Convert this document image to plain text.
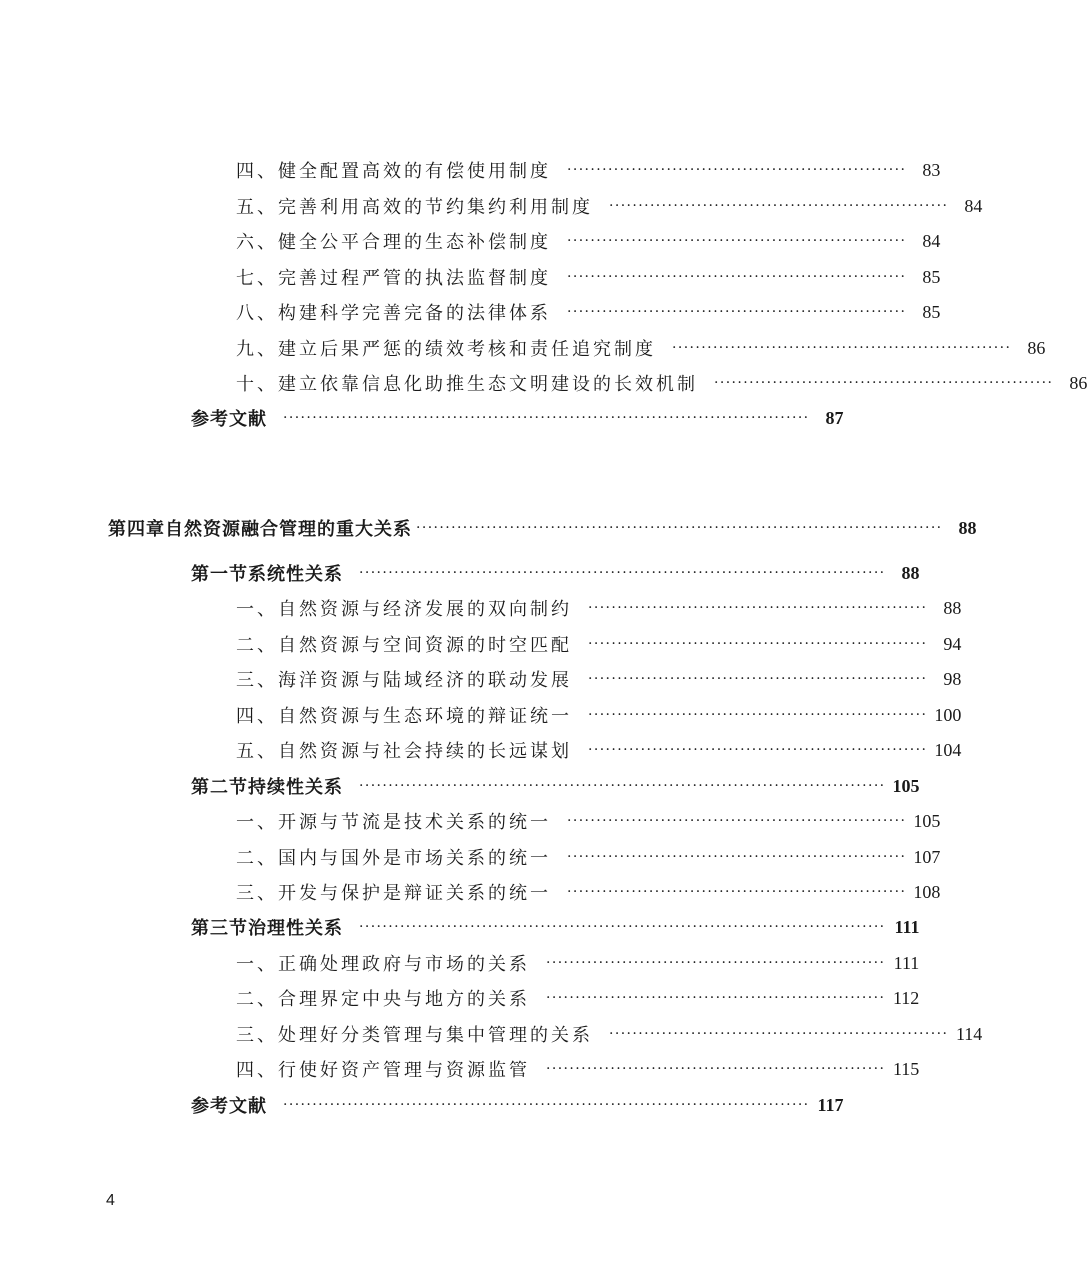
四、健全配置高效的有偿使用制度 ·························································· 83
五、完善利用高效的节约集约利用制度 ·························································· 84
六、健全公平合理的生态补偿制度 ·························································· 84
七、完善过程严管的执法监督制度 ·························································· 85
八、构建科学完善完备的法律体系 ·························································· 85
九、建立后果严惩的绩效考核和责任追究制度 ·························································· 86
十、建立依靠信息化助推生态文明建设的长效机制 ·························································· 86
参考文献 ·························································································· 87
第四章 自然资源融合管理的重大关系 ·························································································· 88
第一节 系统性关系 ·························································································· 88
一、自然资源与经济发展的双向制约 ·························································· 88
二、自然资源与空间资源的时空匹配 ·························································· 94
三、海洋资源与陆域经济的联动发展 ·························································· 98
四、自然资源与生态环境的辩证统一 ·························································· 100
五、自然资源与社会持续的长远谋划 ·························································· 104
第二节 持续性关系 ·························································································· 105
一、开源与节流是技术关系的统一 ·························································· 105
二、国内与国外是市场关系的统一 ·························································· 107
三、开发与保护是辩证关系的统一 ·························································· 108
第三节 治理性关系 ·························································································· 111
一、正确处理政府与市场的关系 ·························································· 111
二、合理界定中央与地方的关系 ·························································· 112
三、处理好分类管理与集中管理的关系 ·························································· 114
四、行使好资产管理与资源监管 ·························································· 115
参考文献 ·························································································· 117
4
